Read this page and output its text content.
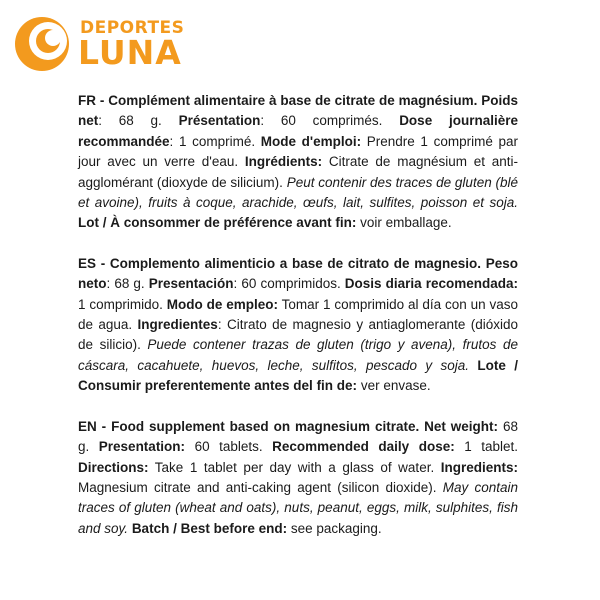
DEPORTES
LUNA

FR - Complément alimentaire à base de citrate de magnésium. Poids net: 68 g. Présentation: 60 comprimés. Dose journalière recommandée: 1 comprimé. Mode d'emploi: Prendre 1 comprimé par jour avec un verre d'eau. Ingrédients: Citrate de magnésium et anti-agglomérant (dioxyde de silicium). Peut contenir des traces de gluten (blé et avoine), fruits à coque, arachide, œufs, lait, sulfites, poisson et soja. Lot / À consommer de préférence avant fin: voir emballage.

ES - Complemento alimenticio a base de citrato de magnesio. Peso neto: 68 g. Presentación: 60 comprimidos. Dosis diaria recomendada: 1 comprimido. Modo de empleo: Tomar 1 comprimido al día con un vaso de agua. Ingredientes: Citrato de magnesio y antiaglomerante (dióxido de silicio). Puede contener trazas de gluten (trigo y avena), frutos de cáscara, cacahuete, huevos, leche, sulfitos, pescado y soja. Lote / Consumir preferentemente antes del fin de: ver envase.

EN - Food supplement based on magnesium citrate. Net weight: 68 g. Presentation: 60 tablets. Recommended daily dose: 1 tablet. Directions: Take 1 tablet per day with a glass of water. Ingredients: Magnesium citrate and anti-caking agent (silicon dioxide). May contain traces of gluten (wheat and oats), nuts, peanut, eggs, milk, sulphites, fish and soy. Batch / Best before end: see packaging.
